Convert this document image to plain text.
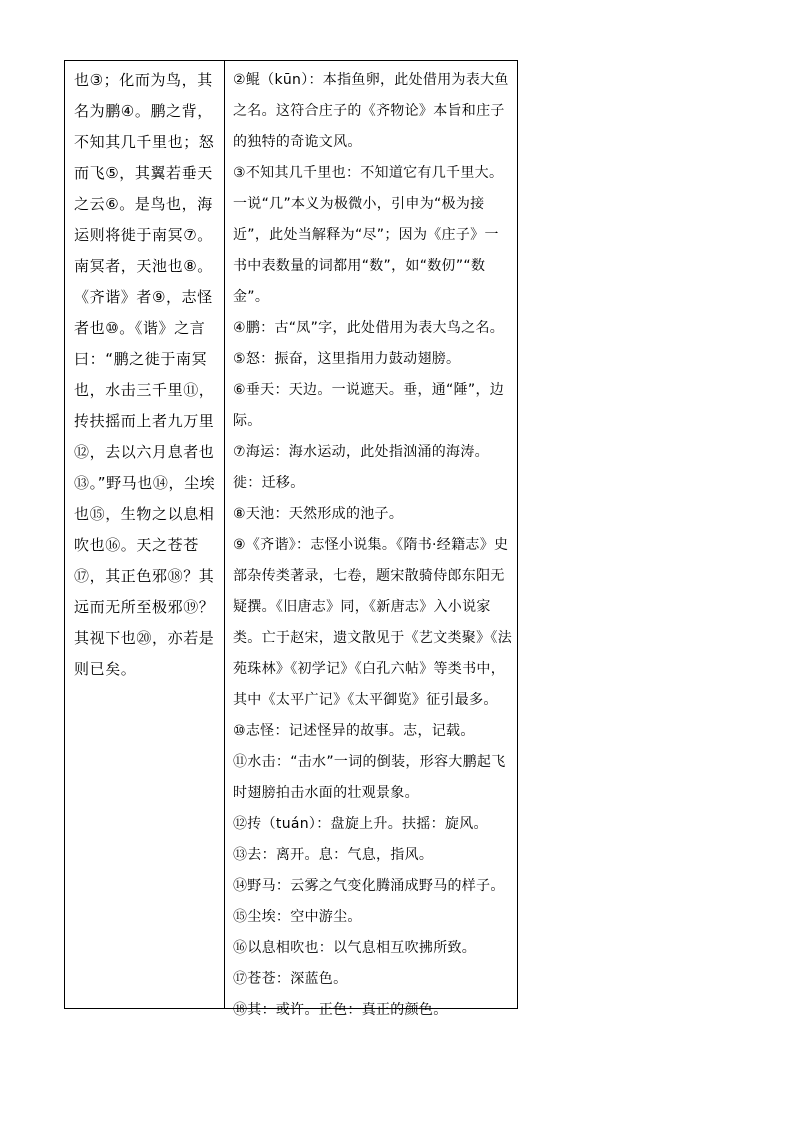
也③；化而为鸟，其名为鹏④。鹏之背，不知其几千里也；怒而飞⑤，其翼若垂天之云⑥。是鸟也，海运则将徙于南冥⑦。南冥者，天池也⑧。《齐谐》者⑨，志怪者也⑩。《谐》之言曰：“鹏之徙于南冥也，水击三千里⑪，抟扶摇而上者九万里⑫，去以六月息者也⑬。”野马也⑭，尘埃也⑮，生物之以息相吹也⑯。天之苍苍⑰，其正色邪⑱？其远而无所至极邪⑲？其视下也⑳，亦若是则已矣。
②鲲（kūn）：本指鱼卵，此处借用为表大鱼之名。这符合庄子的《齐物论》本旨和庄子的独特的奇诡文风。
③不知其几千里也：不知道它有几千里大。一说“几”本义为极微小，引申为“极为接近”，此处当解释为“尽”；因为《庄子》一书中表数量的词都用“数”，如“数仞”“数金”。
④鹏：古“凤”字，此处借用为表大鸟之名。
⑤怒：振奋，这里指用力鼓动翅膀。
⑥垂天：天边。一说遮天。垂，通“陲”，边际。
⑦海运：海水运动，此处指汹涌的海涛。徙：迁移。
⑧天池：天然形成的池子。
⑨《齐谐》：志怪小说集。《隋书·经籍志》史部杂传类著录，七卷，题宋散骑侍郎东阳无疑撰。《旧唐志》同，《新唐志》入小说家类。亡于赵宋，遗文散见于《艺文类聚》《法苑珠林》《初学记》《白孔六帖》等类书中，其中《太平广记》《太平御览》征引最多。
⑩志怪：记述怪异的故事。志，记载。
⑪水击：“击水”一词的倒装，形容大鹏起飞时翅膀拍击水面的壮观景象。
⑫抟（tuán）：盘旋上升。扶摇：旋风。
⑬去：离开。息：气息，指风。
⑭野马：云雾之气变化腾涌成野马的样子。
⑮尘埃：空中游尘。
⑯以息相吹也：以气息相互吹拂所致。
⑰苍苍：深蓝色。
⑱其：或许。正色：真正的颜色。
